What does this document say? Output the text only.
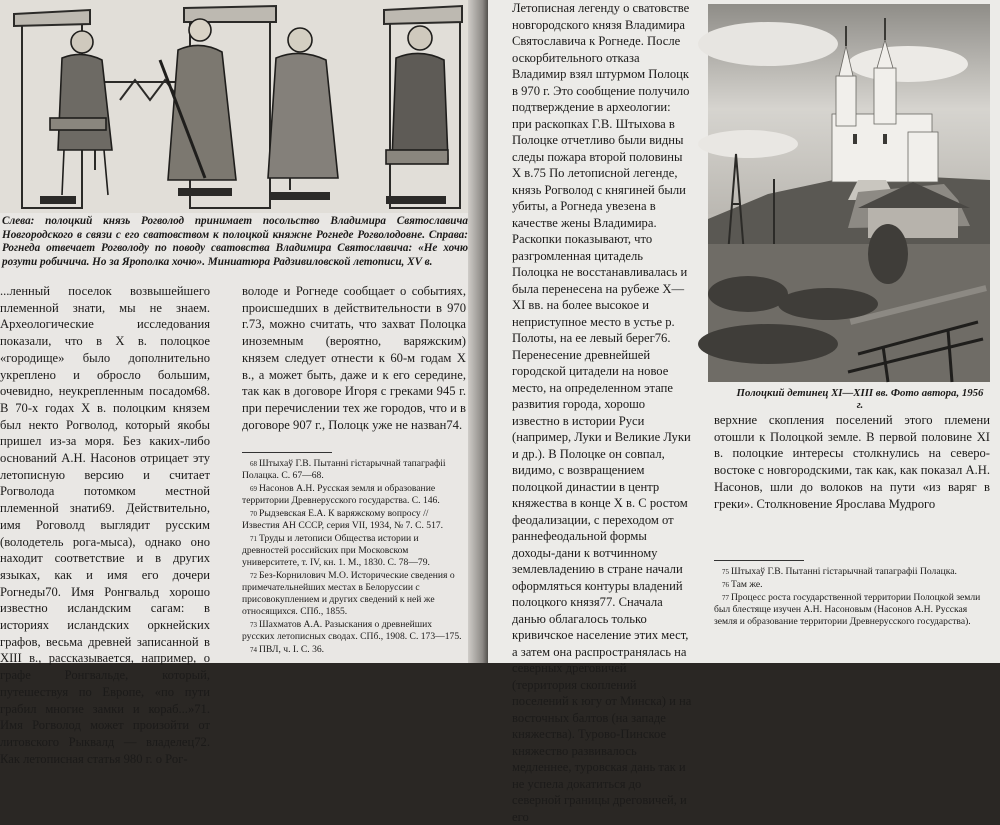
Слева: полоцкий князь Рогволод принимает посольство Владимира Святославича Новгородского в связи с его сватовством к полоцкой княжне Рогнеде Рогволодовне. Справа: Рогнеда отвечает Рогволоду по поводу сватовства Владимира Святославича: «Не хочю розути робичича. Но за Ярополка хочю». Миниатюра Радзивиловской летописи, XV в.

...ленный поселок возвышейшего племенной знати, мы не знаем. Археологические исследования показали, что в X в. полоцкое «городище» было дополнительно укреплено и обросло большим, очевидно, неукрепленным посадом68. В 70-х годах X в. полоцким князем был некто Рогволод, который якобы пришел из-за моря. Без каких-либо оснований А.Н. Насонов отрицает эту летописную версию и считает Рогволода потомком местной племенной знати69. Действительно, имя Роговолд выглядит русским (володетель рога-мыса), однако оно находит соответствие и в других языках, как и имя его дочери Рогнеды70. Имя Ронгвальд хорошо известно исландским сагам: в историях исландских оркнейских графов, весьма древней записанной в XIII в., рассказывается, например, о графе Ронгвальде, который, путешествуя по Европе, «по пути грабил многие замки и кораб...»71. Имя Рогволод может произойти от литовского Рыквалд — владелец72. Как летописная статья 980 г. о Рог-

володе и Рогнеде сообщает о событиях, происшедших в действительности в 970 г.73, можно считать, что захват Полоцка иноземным (вероятно, варяжским) князем следует отнести к 60-м годам X в., а может быть, даже и к его середине, так как в договоре Игоря с греками 945 г. при перечислении тех же городов, что и в договоре 907 г., Полоцк уже не назван74.

$^{68}$ Штыхаў Г.В. Пытанні гістарычнай тапаграфіі Полацка. С. 67—68.
$^{69}$ Насонов А.Н. Русская земля и образование территории Древнерусского государства. С. 146.
$^{70}$ Рыдзевская Е.А. К варяжскому вопросу // Известия АН СССР, серия VII, 1934, № 7. С. 517.
$^{71}$ Труды и летописи Общества истории и древностей российских при Московском университете, т. IV, кн. 1. М., 1830. С. 78—79.
$^{72}$ Без-Корнилович М.О. Исторические сведения о примечательнейших местах в Белоруссии с присовокуплением и других сведений к ней же относящихся. СПб., 1855.
$^{73}$ Шахматов А.А. Разыскания о древнейших русских летописных сводах. СПб., 1908. С. 173—175.
$^{74}$ ПВЛ, ч. I. С. 36.

Летописная легенду о сватовстве новгородского князя Владимира Святославича к Рогнеде. После оскорбительного отказа Владимир взял штурмом Полоцк в 970 г. Это сообщение получило подтверждение в археологии: при раскопках Г.В. Штыхова в Полоцке отчетливо были видны следы пожара второй половины X в.75 По летописной легенде, князь Рогволод с княгиней были убиты, а Рогнеда увезена в качестве жены Владимира. Раскопки показывают, что разгромленная цитадель Полоцка не восстанавливалась и была перенесена на рубеже X—XI вв. на более высокое и неприступное место в устье р. Полоты, на ее левый берег76. Перенесение древнейшей городской цитадели на новое место, на определенном этапе развития города, хорошо известно в истории Руси (например, Луки и Великие Луки и др.). В Полоцке он совпал, видимо, с возвращением полоцкой династии в центр княжества в конце X в. С ростом феодализации, с переходом от раннефеодальной формы доходы-дани к вотчинному землевладению в стране начали оформляться контуры владений полоцкого князя77. Сначала данью облагалось только кривичское население этих мест, а затем она распространялась на северных дреговичей (территория скоплений поселений к югу от Минска) и на восточных балтов (на западе княжества). Турово-Пинское княжество развивалось медленнее, туровская дань так и не успела докатиться до северной границы дреговичей, и его

Полоцкий детинец XI—XIII вв. Фото автора, 1956 г.

верхние скопления поселений этого племени отошли к Полоцкой земле. В первой половине XI в. полоцкие интересы столкнулись на северо-востоке с новгородскими, так как, как показал А.Н. Насонов, шли до волоков на пути «из варяг в греки». Столкновение Ярослава Мудрого

$^{75}$ Штыхаў Г.В. Пытанні гістарычнай тапаграфіі Полацка.
$^{76}$ Там же.
$^{77}$ Процесс роста государственной территории Полоцкой земли был блестяще изучен А.Н. Насоновым (Насонов А.Н. Русская земля и образование территории Древнерусского государства).
